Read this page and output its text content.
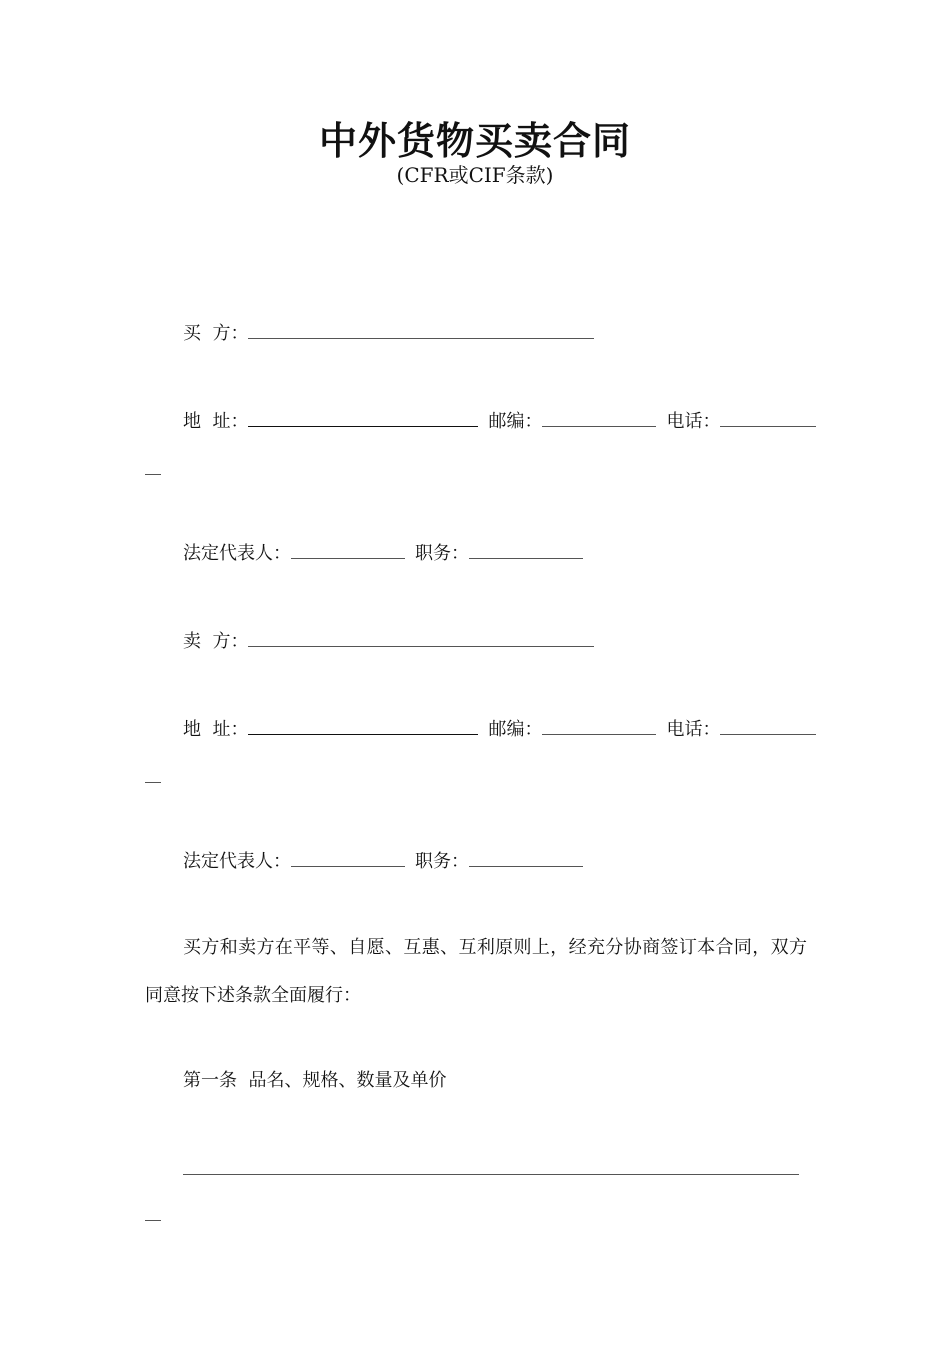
中外货物买卖合同
(CFR或CIF条款)
买  方：
地  址：	邮编：	电话：
法定代表人：	职务：
卖  方：
地  址：	邮编：	电话：
法定代表人：	职务：
买方和卖方在平等、自愿、互惠、互利原则上，经充分协商签订本合同，双方同意按下述条款全面履行：
第一条  品名、规格、数量及单价
